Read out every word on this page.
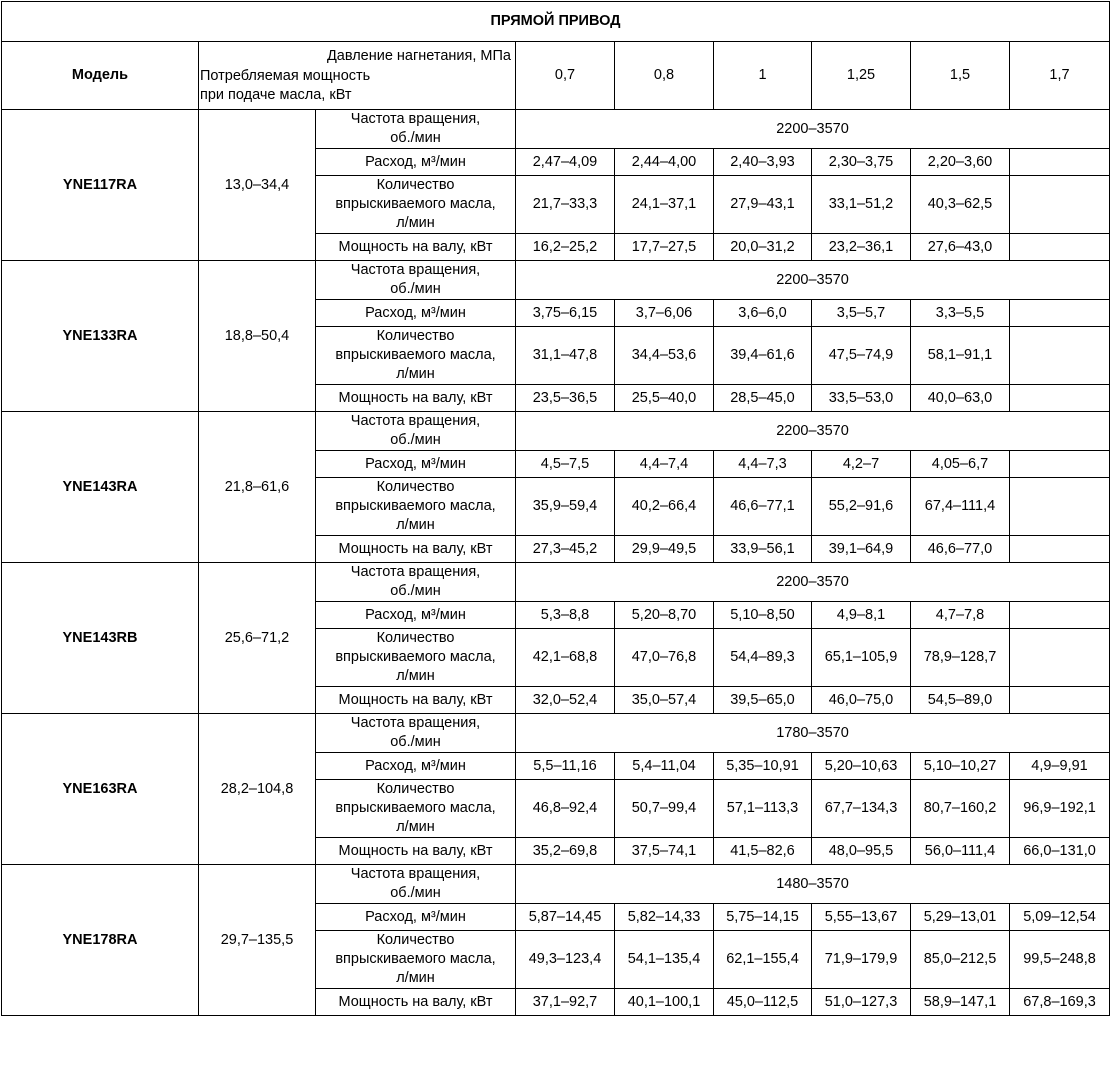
ПРЯМОЙ ПРИВОД								
Модель	Давление нагнетания, МПа
Потребляемая мощность
при подаче масла, кВт		0,7	0,8	1	1,25	1,5	1,7
YNE117RA	13,0–34,4	Частота вращения,
об./мин	2200–3570					
		Расход, м³/мин	2,47–4,09	2,44–4,00	2,40–3,93	2,30–3,75	2,20–3,60	
		Количество
впрыскиваемого масла,
л/мин	21,7–33,3	24,1–37,1	27,9–43,1	33,1–51,2	40,3–62,5	
		Мощность на валу, кВт	16,2–25,2	17,7–27,5	20,0–31,2	23,2–36,1	27,6–43,0	
YNE133RA	18,8–50,4	Частота вращения,
об./мин	2200–3570					
		Расход, м³/мин	3,75–6,15	3,7–6,06	3,6–6,0	3,5–5,7	3,3–5,5	
		Количество
впрыскиваемого масла,
л/мин	31,1–47,8	34,4–53,6	39,4–61,6	47,5–74,9	58,1–91,1	
		Мощность на валу, кВт	23,5–36,5	25,5–40,0	28,5–45,0	33,5–53,0	40,0–63,0	
YNE143RA	21,8–61,6	Частота вращения,
об./мин	2200–3570					
		Расход, м³/мин	4,5–7,5	4,4–7,4	4,4–7,3	4,2–7	4,05–6,7	
		Количество
впрыскиваемого масла,
л/мин	35,9–59,4	40,2–66,4	46,6–77,1	55,2–91,6	67,4–111,4	
		Мощность на валу, кВт	27,3–45,2	29,9–49,5	33,9–56,1	39,1–64,9	46,6–77,0	
YNE143RB	25,6–71,2	Частота вращения,
об./мин	2200–3570					
		Расход, м³/мин	5,3–8,8	5,20–8,70	5,10–8,50	4,9–8,1	4,7–7,8	
		Количество
впрыскиваемого масла,
л/мин	42,1–68,8	47,0–76,8	54,4–89,3	65,1–105,9	78,9–128,7	
		Мощность на валу, кВт	32,0–52,4	35,0–57,4	39,5–65,0	46,0–75,0	54,5–89,0	
YNE163RA	28,2–104,8	Частота вращения,
об./мин	1780–3570					
		Расход, м³/мин	5,5–11,16	5,4–11,04	5,35–10,91	5,20–10,63	5,10–10,27	4,9–9,91
		Количество
впрыскиваемого масла,
л/мин	46,8–92,4	50,7–99,4	57,1–113,3	67,7–134,3	80,7–160,2	96,9–192,1
		Мощность на валу, кВт	35,2–69,8	37,5–74,1	41,5–82,6	48,0–95,5	56,0–111,4	66,0–131,0
YNE178RA	29,7–135,5	Частота вращения,
об./мин	1480–3570					
		Расход, м³/мин	5,87–14,45	5,82–14,33	5,75–14,15	5,55–13,67	5,29–13,01	5,09–12,54
		Количество
впрыскиваемого масла,
л/мин	49,3–123,4	54,1–135,4	62,1–155,4	71,9–179,9	85,0–212,5	99,5–248,8
		Мощность на валу, кВт	37,1–92,7	40,1–100,1	45,0–112,5	51,0–127,3	58,9–147,1	67,8–169,3
